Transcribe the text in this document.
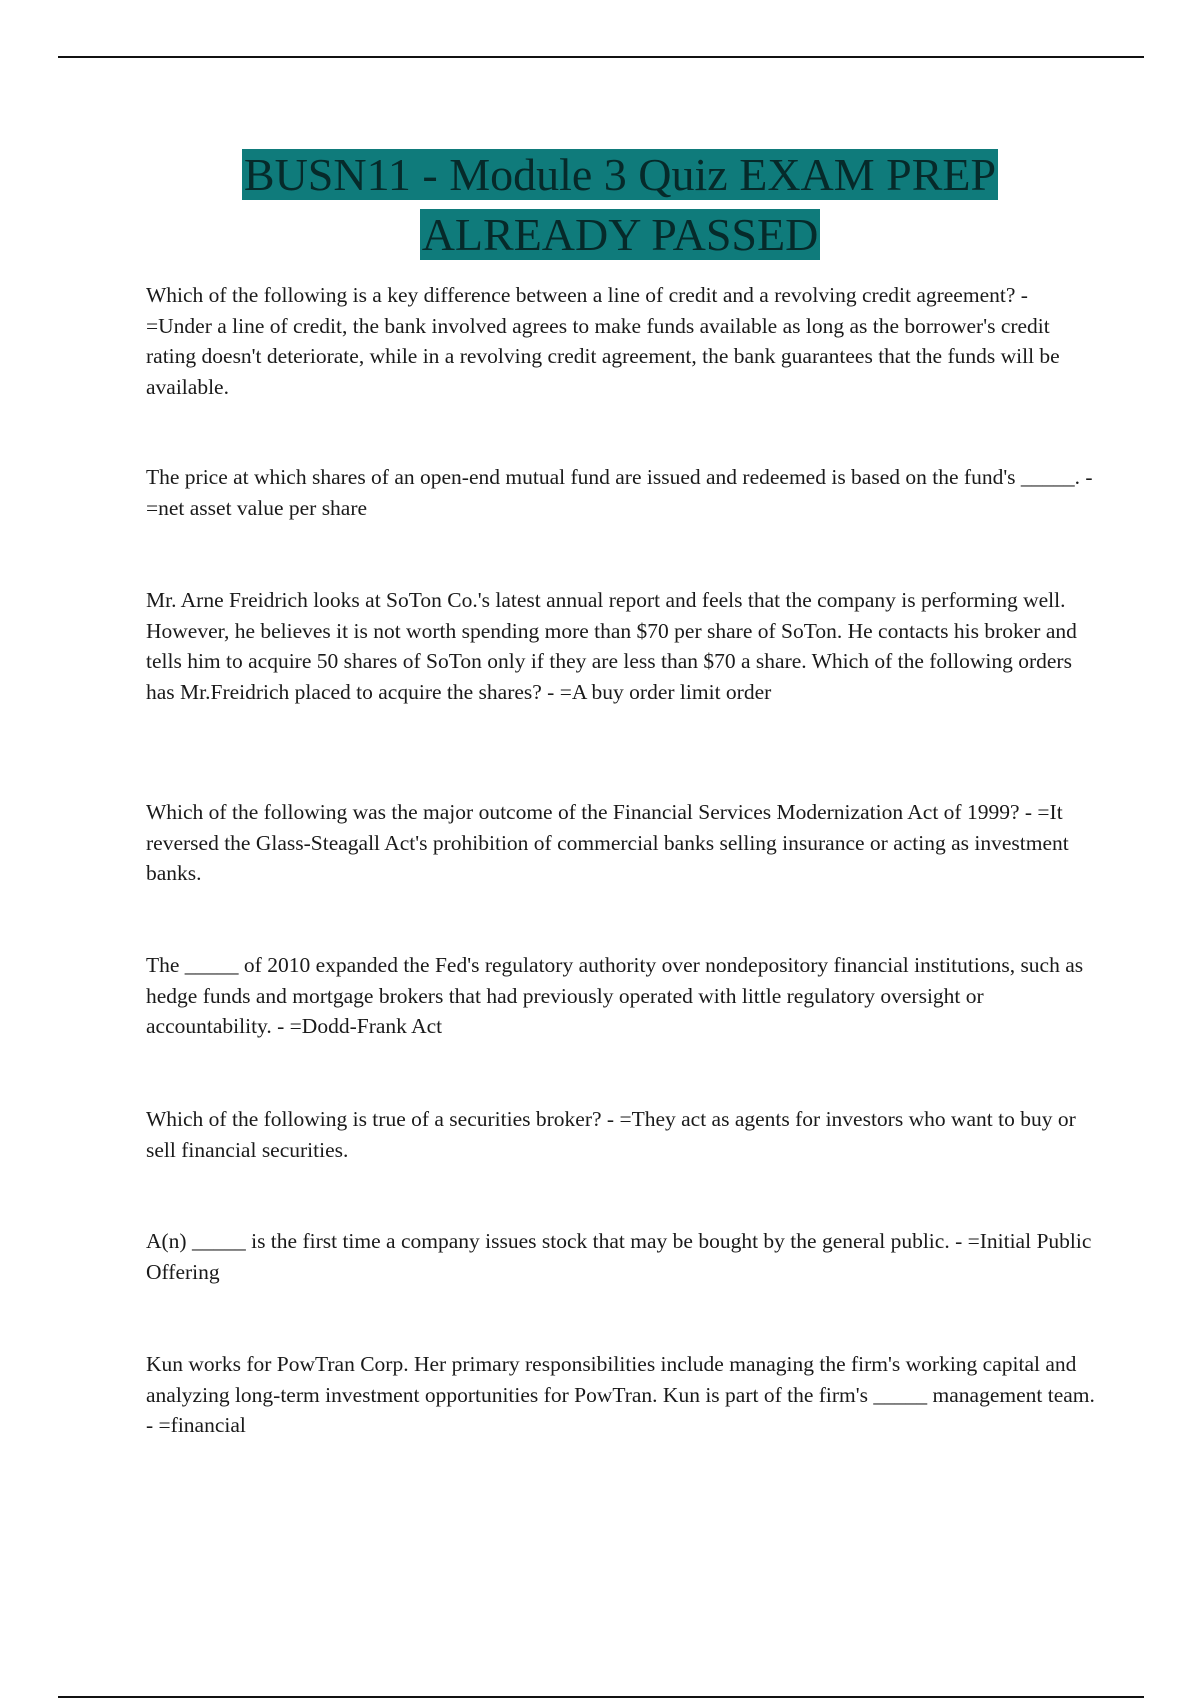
BUSN11 - Module 3 Quiz EXAM PREP
ALREADY PASSED
Which of the following is a key difference between a line of credit and a revolving credit agreement? - =Under a line of credit, the bank involved agrees to make funds available as long as the borrower's credit rating doesn't deteriorate, while in a revolving credit agreement, the bank guarantees that the funds will be available.
The price at which shares of an open-end mutual fund are issued and redeemed is based on the fund's _____. - =net asset value per share
Mr. Arne Freidrich looks at SoTon Co.'s latest annual report and feels that the company is performing well. However, he believes it is not worth spending more than $70 per share of SoTon. He contacts his broker and tells him to acquire 50 shares of SoTon only if they are less than $70 a share. Which of the following orders has Mr.Freidrich placed to acquire the shares? - =A buy order limit order
Which of the following was the major outcome of the Financial Services Modernization Act of 1999? - =It reversed the Glass-Steagall Act's prohibition of commercial banks selling insurance or acting as investment banks.
The _____ of 2010 expanded the Fed's regulatory authority over nondepository financial institutions, such as hedge funds and mortgage brokers that had previously operated with little regulatory oversight or accountability. - =Dodd-Frank Act
Which of the following is true of a securities broker? - =They act as agents for investors who want to buy or sell financial securities.
A(n) _____ is the first time a company issues stock that may be bought by the general public. - =Initial Public Offering
Kun works for PowTran Corp. Her primary responsibilities include managing the firm's working capital and analyzing long-term investment opportunities for PowTran. Kun is part of the firm's _____ management team. - =financial
